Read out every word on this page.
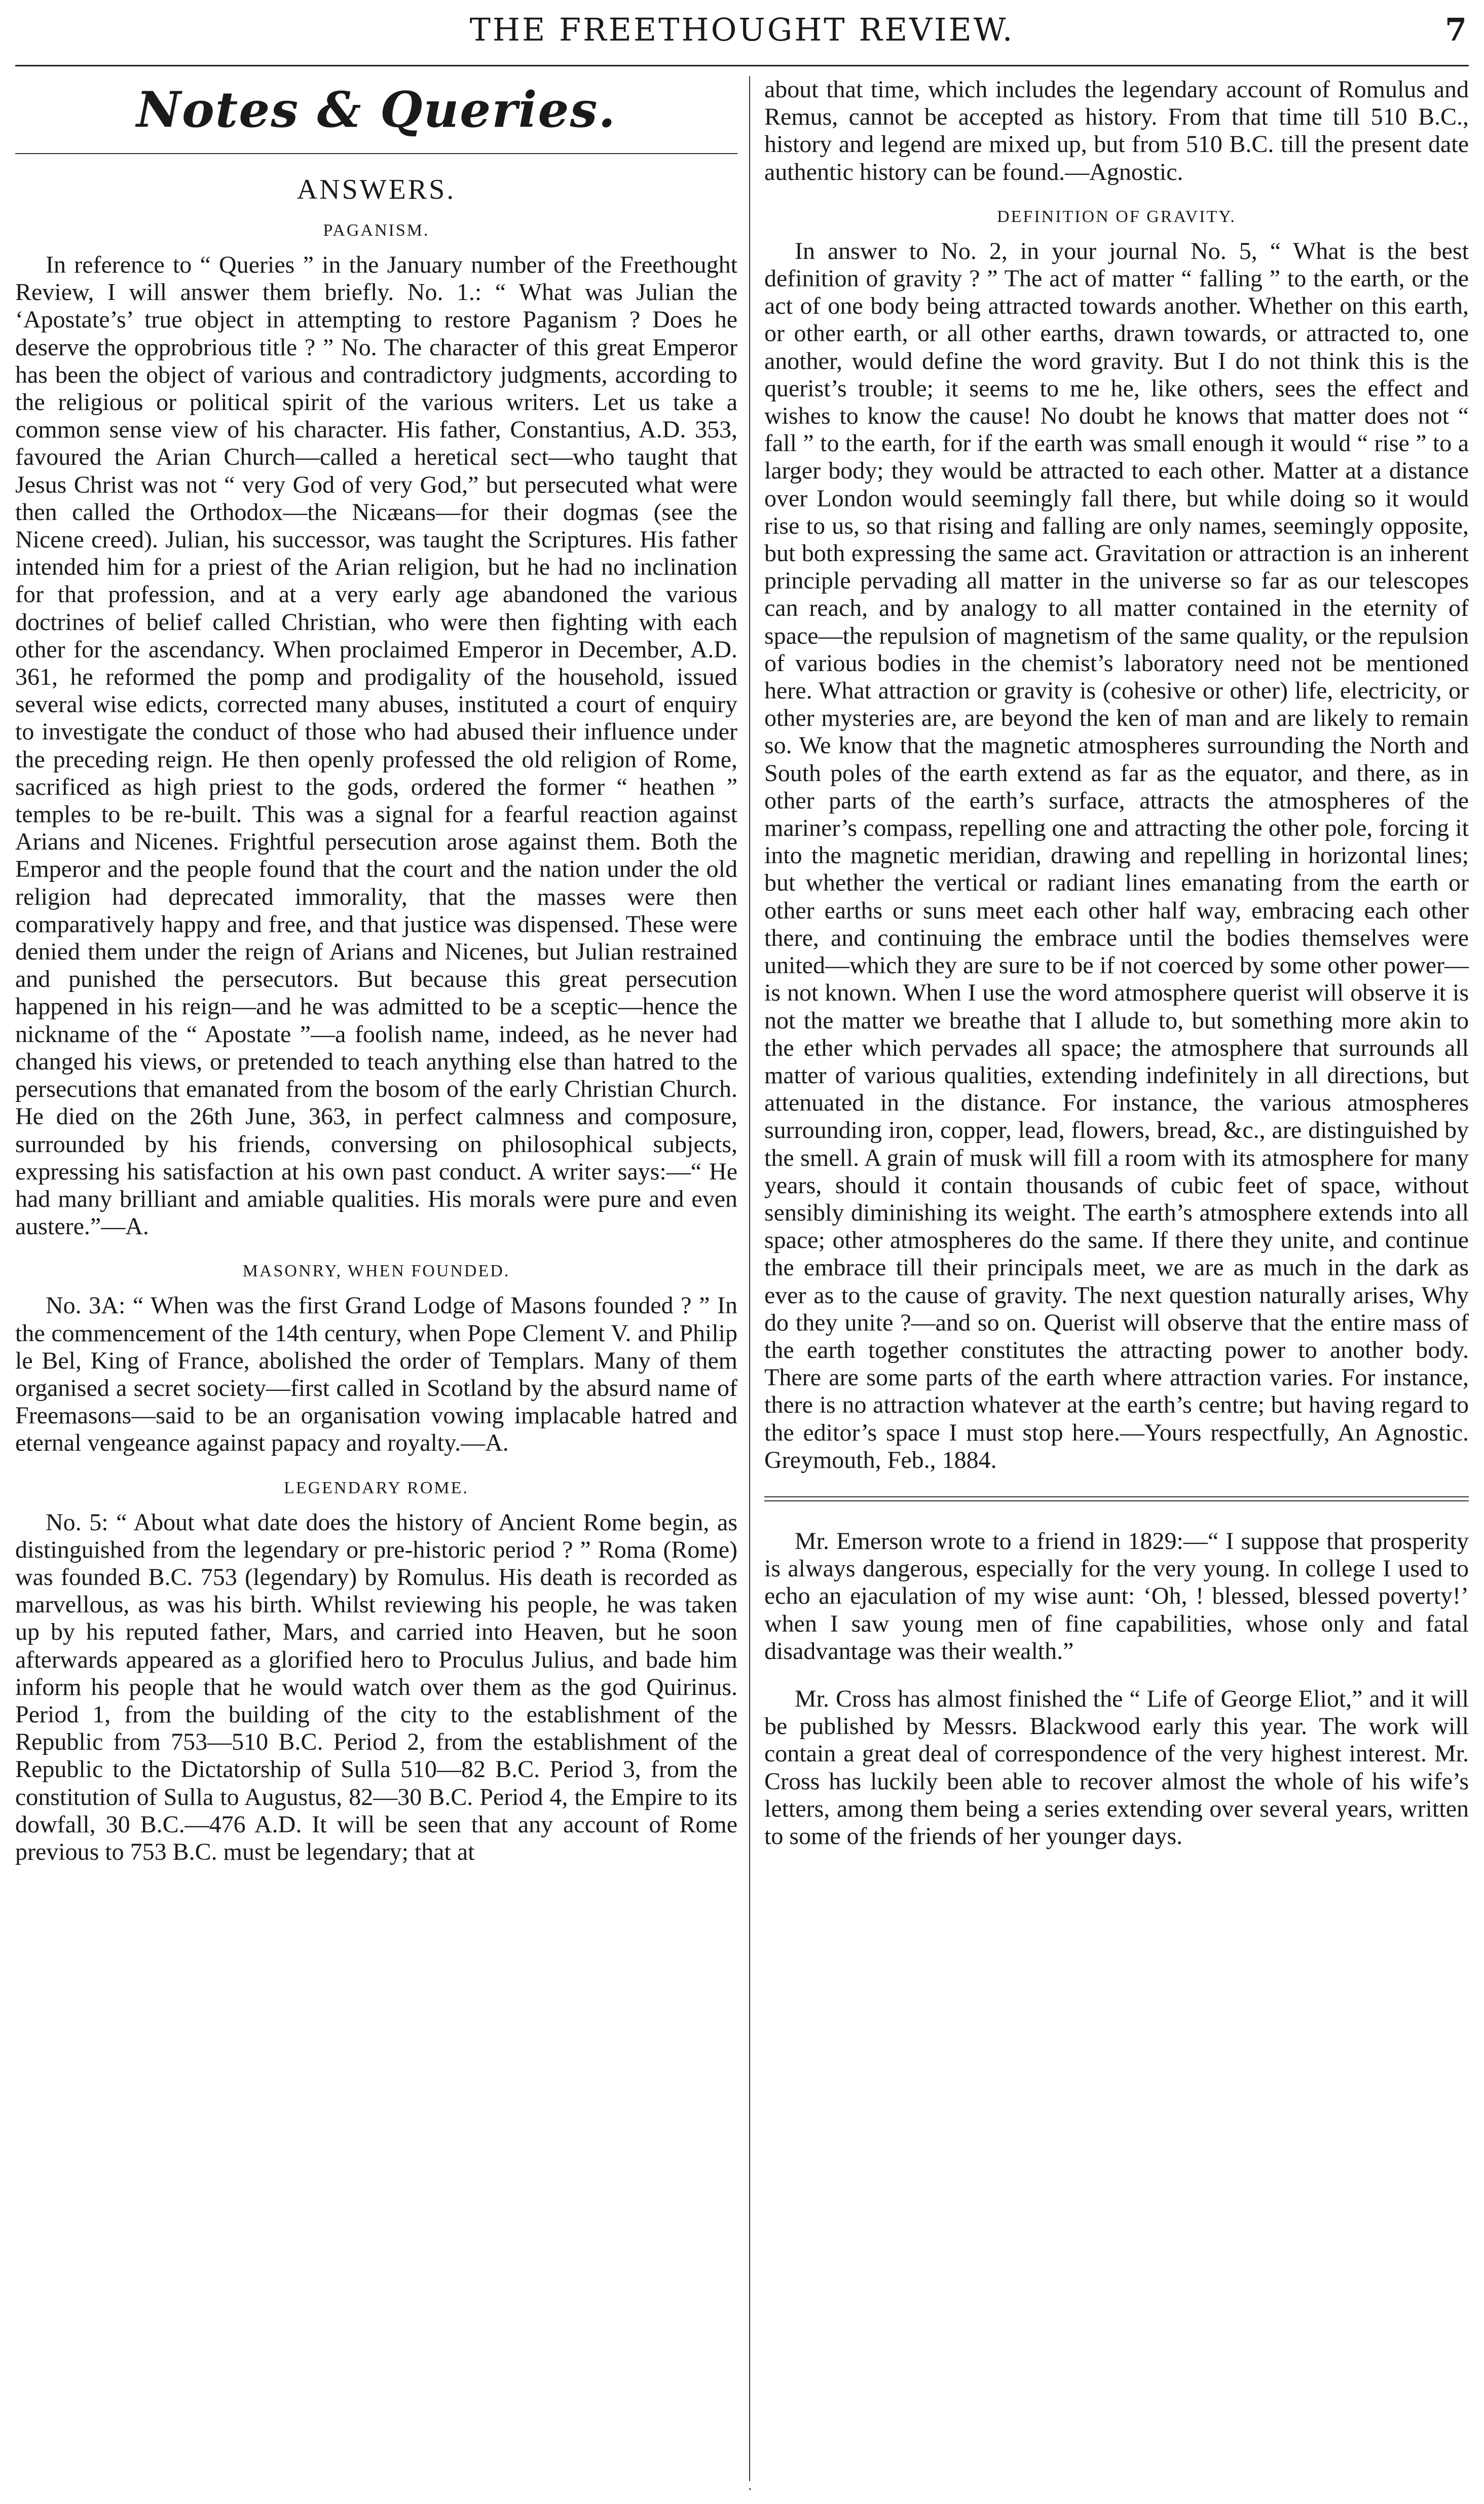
THE FREETHOUGHT REVIEW.	7
Notes & Queries.
ANSWERS.
PAGANISM.

In reference to “ Queries ” in the January number of the Freethought Review, I will answer them briefly. No. 1.: “ What was Julian the ‘Apostate’s’ true object in attempting to restore Paganism ? Does he deserve the opprobrious title ? ” No. The character of this great Emperor has been the object of various and contradictory judgments, according to the religious or political spirit of the various writers. Let us take a common sense view of his character. His father, Constantius, A.D. 353, favoured the Arian Church—called a heretical sect—who taught that Jesus Christ was not “ very God of very God,” but persecuted what were then called the Orthodox—the Nicæans—for their dogmas (see the Nicene creed). Julian, his successor, was taught the Scriptures. His father intended him for a priest of the Arian religion, but he had no inclination for that profession, and at a very early age abandoned the various doctrines of belief called Christian, who were then fighting with each other for the ascendancy. When proclaimed Emperor in December, A.D. 361, he reformed the pomp and prodigality of the household, issued several wise edicts, corrected many abuses, instituted a court of enquiry to investigate the conduct of those who had abused their influence under the preceding reign. He then openly professed the old religion of Rome, sacrificed as high priest to the gods, ordered the former “ heathen ” temples to be re-built. This was a signal for a fearful reaction against Arians and Nicenes. Frightful persecution arose against them. Both the Emperor and the people found that the court and the nation under the old religion had deprecated immorality, that the masses were then comparatively happy and free, and that justice was dispensed. These were denied them under the reign of Arians and Nicenes, but Julian restrained and punished the persecutors. But because this great persecution happened in his reign—and he was admitted to be a sceptic—hence the nickname of the “ Apostate ”—a foolish name, indeed, as he never had changed his views, or pretended to teach anything else than hatred to the persecutions that emanated from the bosom of the early Christian Church. He died on the 26th June, 363, in perfect calmness and composure, surrounded by his friends, conversing on philosophical subjects, expressing his satisfaction at his own past conduct. A writer says:—“ He had many brilliant and amiable qualities. His morals were pure and even austere.”—A.

MASONRY, WHEN FOUNDED.

No. 3A: “ When was the first Grand Lodge of Masons founded ? ” In the commencement of the 14th century, when Pope Clement V. and Philip le Bel, King of France, abolished the order of Templars. Many of them organised a secret society—first called in Scotland by the absurd name of Freemasons—said to be an organisation vowing implacable hatred and eternal vengeance against papacy and royalty.—A.

LEGENDARY ROME.

No. 5: “ About what date does the history of Ancient Rome begin, as distinguished from the legendary or pre-historic period ? ” Roma (Rome) was founded B.C. 753 (legendary) by Romulus. His death is recorded as marvellous, as was his birth. Whilst reviewing his people, he was taken up by his reputed father, Mars, and carried into Heaven, but he soon afterwards appeared as a glorified hero to Proculus Julius, and bade him inform his people that he would watch over them as the god Quirinus. Period 1, from the building of the city to the establishment of the Republic from 753—510 B.C. Period 2, from the establishment of the Republic to the Dictatorship of Sulla 510—82 B.C. Period 3, from the constitution of Sulla to Augustus, 82—30 B.C. Period 4, the Empire to its dowfall, 30 B.C.—476 A.D. It will be seen that any account of Rome previous to 753 B.C. must be legendary; that at

about that time, which includes the legendary account of Romulus and Remus, cannot be accepted as history. From that time till 510 B.C., history and legend are mixed up, but from 510 B.C. till the present date authentic history can be found.—Agnostic.

DEFINITION OF GRAVITY.

In answer to No. 2, in your journal No. 5, “ What is the best definition of gravity ? ” The act of matter “ falling ” to the earth, or the act of one body being attracted towards another. Whether on this earth, or other earth, or all other earths, drawn towards, or attracted to, one another, would define the word gravity. But I do not think this is the querist’s trouble; it seems to me he, like others, sees the effect and wishes to know the cause! No doubt he knows that matter does not “ fall ” to the earth, for if the earth was small enough it would “ rise ” to a larger body; they would be attracted to each other. Matter at a distance over London would seemingly fall there, but while doing so it would rise to us, so that rising and falling are only names, seemingly opposite, but both expressing the same act. Gravitation or attraction is an inherent principle pervading all matter in the universe so far as our telescopes can reach, and by analogy to all matter contained in the eternity of space—the repulsion of magnetism of the same quality, or the repulsion of various bodies in the chemist’s laboratory need not be mentioned here. What attraction or gravity is (cohesive or other) life, electricity, or other mysteries are, are beyond the ken of man and are likely to remain so. We know that the magnetic atmospheres surrounding the North and South poles of the earth extend as far as the equator, and there, as in other parts of the earth’s surface, attracts the atmospheres of the mariner’s compass, repelling one and attracting the other pole, forcing it into the magnetic meridian, drawing and repelling in horizontal lines; but whether the vertical or radiant lines emanating from the earth or other earths or suns meet each other half way, embracing each other there, and continuing the embrace until the bodies themselves were united—which they are sure to be if not coerced by some other power—is not known. When I use the word atmosphere querist will observe it is not the matter we breathe that I allude to, but something more akin to the ether which pervades all space; the atmosphere that surrounds all matter of various qualities, extending indefinitely in all directions, but attenuated in the distance. For instance, the various atmospheres surrounding iron, copper, lead, flowers, bread, &c., are distinguished by the smell. A grain of musk will fill a room with its atmosphere for many years, should it contain thousands of cubic feet of space, without sensibly diminishing its weight. The earth’s atmosphere extends into all space; other atmospheres do the same. If there they unite, and continue the embrace till their principals meet, we are as much in the dark as ever as to the cause of gravity. The next question naturally arises, Why do they unite ?—and so on. Querist will observe that the entire mass of the earth together constitutes the attracting power to another body. There are some parts of the earth where attraction varies. For instance, there is no attraction whatever at the earth’s centre; but having regard to the editor’s space I must stop here.—Yours respectfully, An Agnostic. Greymouth, Feb., 1884.

Mr. Emerson wrote to a friend in 1829:—“ I suppose that prosperity is always dangerous, especially for the very young. In college I used to echo an ejaculation of my wise aunt: ‘Oh, ! blessed, blessed poverty!’ when I saw young men of fine capabilities, whose only and fatal disadvantage was their wealth.”

Mr. Cross has almost finished the “ Life of George Eliot,” and it will be published by Messrs. Blackwood early this year. The work will contain a great deal of correspondence of the very highest interest. Mr. Cross has luckily been able to recover almost the whole of his wife’s letters, among them being a series extending over several years, written to some of the friends of her younger days.

.
